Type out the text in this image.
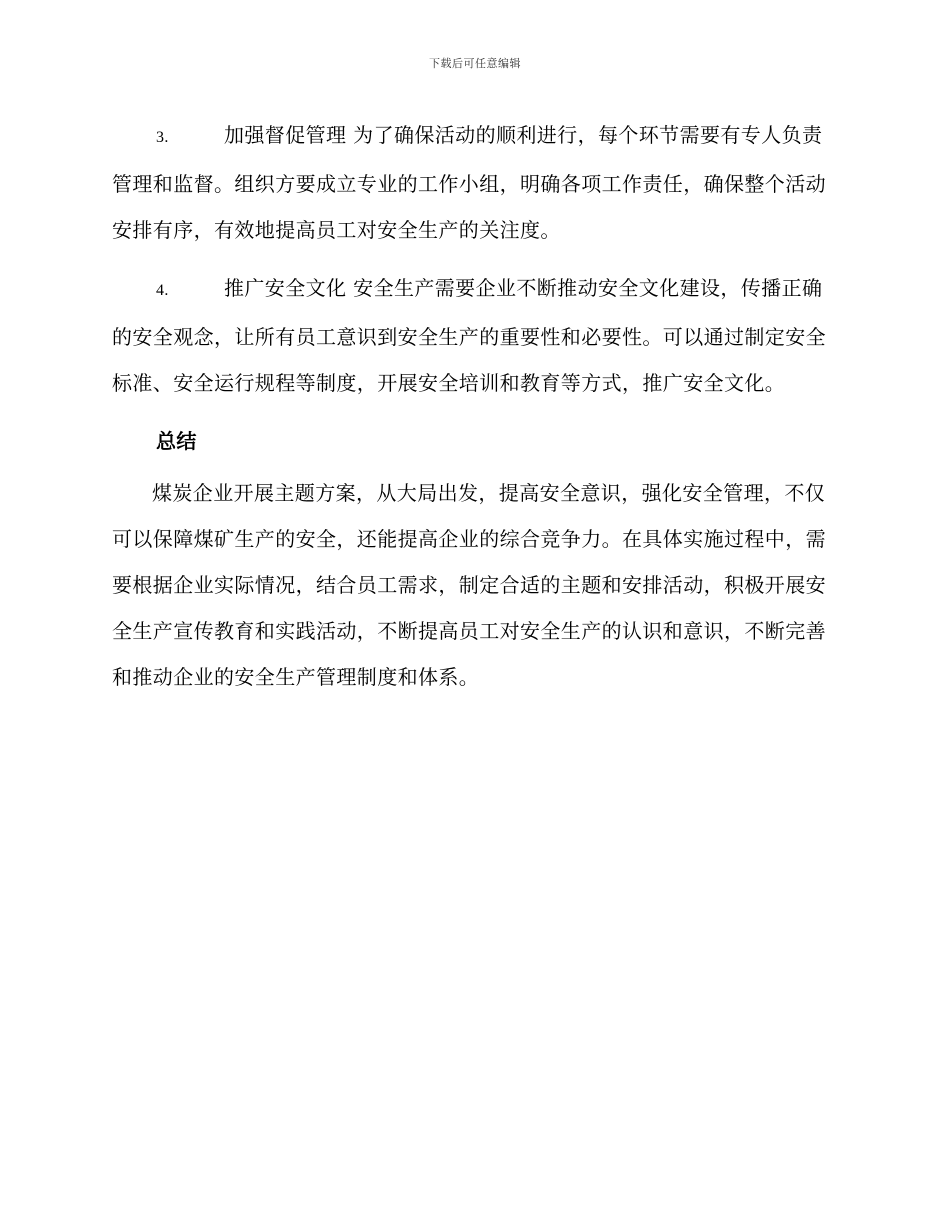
下载后可任意编辑

3.	加强督促管理 为了确保活动的顺利进行，每个环节需要有专人负责管理和监督。组织方要成立专业的工作小组，明确各项工作责任，确保整个活动安排有序，有效地提高员工对安全生产的关注度。

4.	推广安全文化 安全生产需要企业不断推动安全文化建设，传播正确的安全观念，让所有员工意识到安全生产的重要性和必要性。可以通过制定安全标准、安全运行规程等制度，开展安全培训和教育等方式，推广安全文化。

总结

煤炭企业开展主题方案，从大局出发，提高安全意识，强化安全管理，不仅可以保障煤矿生产的安全，还能提高企业的综合竞争力。在具体实施过程中，需要根据企业实际情况，结合员工需求，制定合适的主题和安排活动，积极开展安全生产宣传教育和实践活动，不断提高员工对安全生产的认识和意识，不断完善和推动企业的安全生产管理制度和体系。
